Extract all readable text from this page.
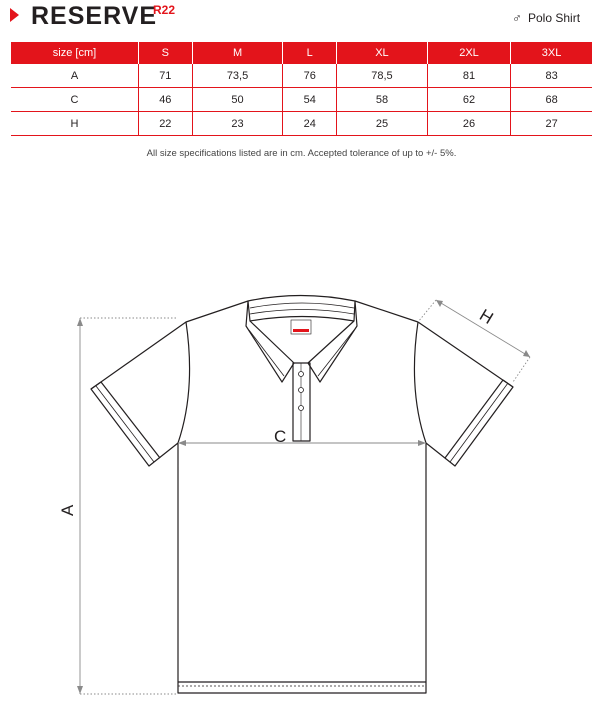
RESERVE
R22	♂ Polo Shirt
size [cm]	S	M	L	XL	2XL	3XL
A	71	73,5	76	78,5	81	83
C	46	50	54	58	62	68
H	22	23	24	25	26	27
All size specifications listed are in cm. Accepted tolerance of up to +/- 5%.
A
C
H
